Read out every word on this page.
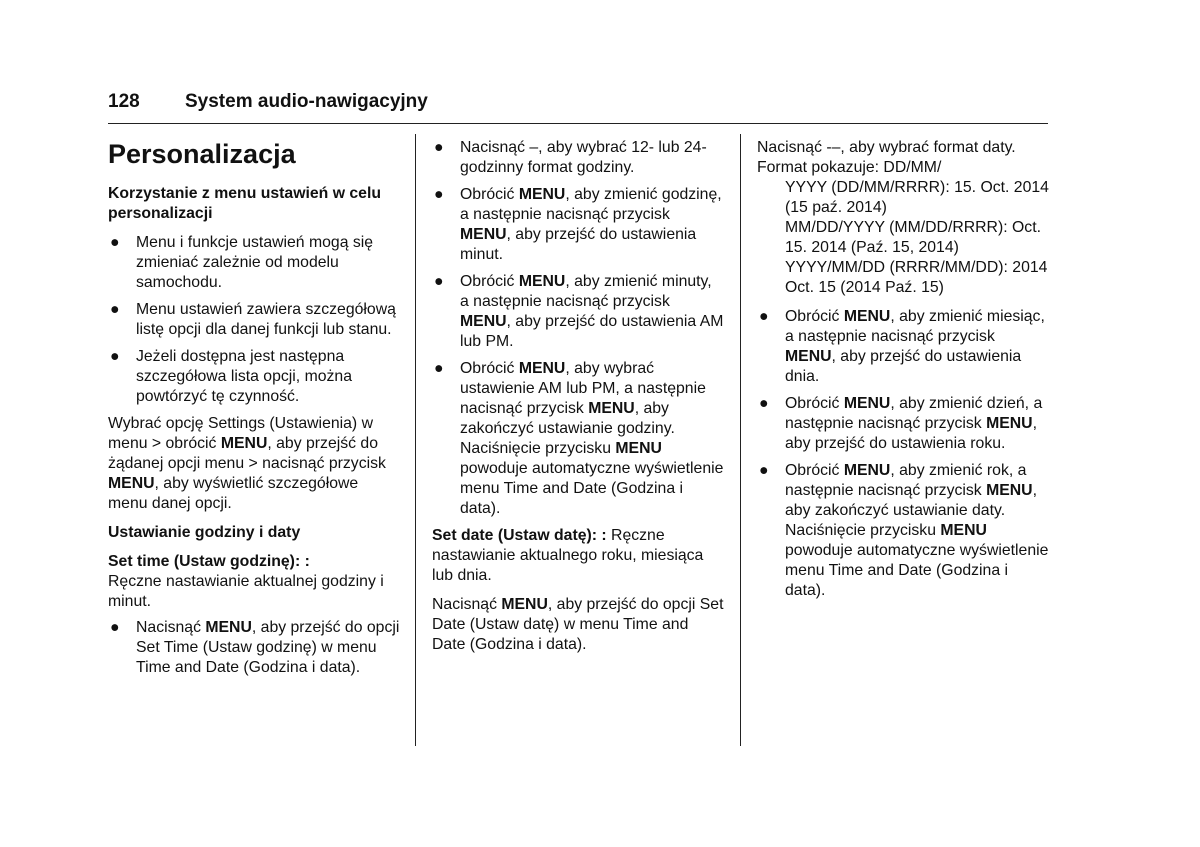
128 System audio-nawigacyjny
Personalizacja

Korzystanie z menu ustawień w celu personalizacji

● Menu i funkcje ustawień mogą się zmieniać zależnie od modelu samochodu.
● Menu ustawień zawiera szczegółową listę opcji dla danej funkcji lub stanu.
● Jeżeli dostępna jest następna szczegółowa lista opcji, można powtórzyć tę czynność.

Wybrać opcję Settings (Ustawienia) w menu > obrócić MENU, aby przejść do żądanej opcji menu > nacisnąć przycisk MENU, aby wyświetlić szczegółowe menu danej opcji.

Ustawianie godziny i daty

Set time (Ustaw godzinę): :
Ręczne nastawianie aktualnej godziny i minut.

● Nacisnąć MENU, aby przejść do opcji Set Time (Ustaw godzinę) w menu Time and Date (Godzina i data).
● Nacisnąć –, aby wybrać 12- lub 24-godzinny format godziny.
● Obrócić MENU, aby zmienić godzinę, a następnie nacisnąć przycisk MENU, aby przejść do ustawienia minut.
● Obrócić MENU, aby zmienić minuty, a następnie nacisnąć przycisk MENU, aby przejść do ustawienia AM lub PM.
● Obrócić MENU, aby wybrać ustawienie AM lub PM, a następnie nacisnąć przycisk MENU, aby zakończyć ustawianie godziny. Naciśnięcie przycisku MENU powoduje automatyczne wyświetlenie menu Time and Date (Godzina i data).

Set date (Ustaw datę): : Ręczne nastawianie aktualnego roku, miesiąca lub dnia.

Nacisnąć MENU, aby przejść do opcji Set Date (Ustaw datę) w menu Time and Date (Godzina i data).

Nacisnąć -–, aby wybrać format daty. Format pokazuje: DD/MM/

YYYY (DD/MM/RRRR): 15. Oct. 2014 (15 paź. 2014)
MM/DD/YYYY (MM/DD/RRRR): Oct. 15. 2014 (Paź. 15, 2014)
YYYY/MM/DD (RRRR/MM/DD): 2014 Oct. 15 (2014 Paź. 15)
● Obrócić MENU, aby zmienić miesiąc, a następnie nacisnąć przycisk MENU, aby przejść do ustawienia dnia.
● Obrócić MENU, aby zmienić dzień, a następnie nacisnąć przycisk MENU, aby przejść do ustawienia roku.
● Obrócić MENU, aby zmienić rok, a następnie nacisnąć przycisk MENU, aby zakończyć ustawianie daty. Naciśnięcie przycisku MENU powoduje automatyczne wyświetlenie menu Time and Date (Godzina i data).
